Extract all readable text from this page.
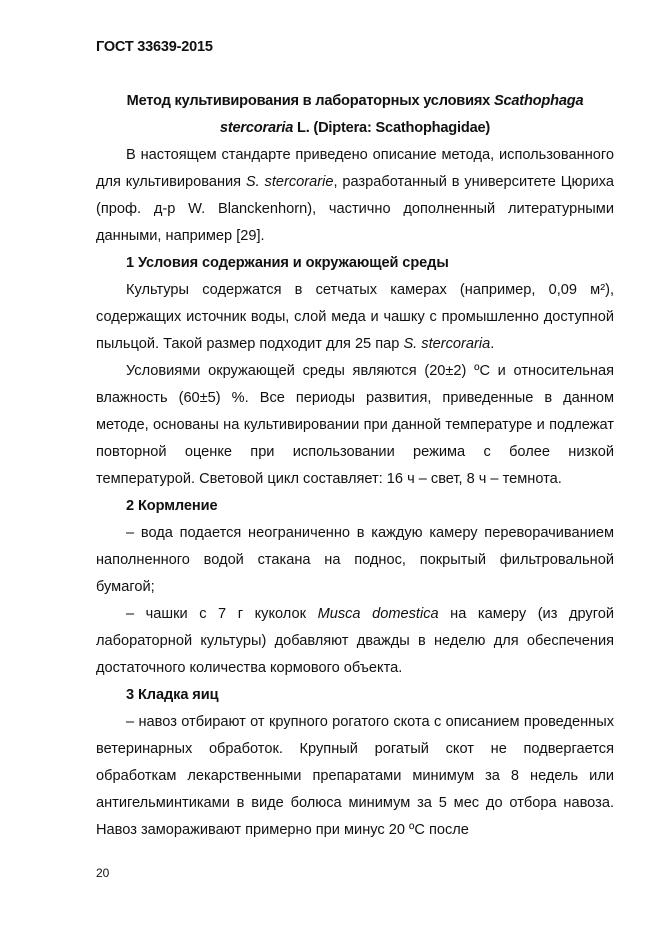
ГОСТ 33639-2015
Метод культивирования в лабораторных условиях Scathophaga stercoraria L. (Diptera: Scathophagidae)

В настоящем стандарте приведено описание метода, использованного для культивирования S. stercorarie, разработанный в университете Цюриха (проф. д-р W. Blanckenhorn), частично дополненный литературными данными, например [29].

1 Условия содержания и окружающей среды

Культуры содержатся в сетчатых камерах (например, 0,09 м²), содержащих источник воды, слой меда и чашку с промышленно доступной пыльцой. Такой размер подходит для 25 пар S. stercoraria.

Условиями окружающей среды являются (20±2) ºС и относительная влажность (60±5) %. Все периоды развития, приведенные в данном методе, основаны на культивировании при данной температуре и подлежат повторной оценке при использовании режима с более низкой температурой. Световой цикл составляет: 16 ч – свет, 8 ч – темнота.

2 Кормление

– вода подается неограниченно в каждую камеру переворачиванием наполненного водой стакана на поднос, покрытый фильтровальной бумагой;

– чашки с 7 г куколок Musca domestica на камеру (из другой лабораторной культуры) добавляют дважды в неделю для обеспечения достаточного количества кормового объекта.

3 Кладка яиц

– навоз отбирают от крупного рогатого скота с описанием проведенных ветеринарных обработок. Крупный рогатый скот не подвергается обработкам лекарственными препаратами минимум за 8 недель или антигельминтиками в виде болюса минимум за 5 мес до отбора навоза. Навоз замораживают примерно при минус 20 ºС после

20
